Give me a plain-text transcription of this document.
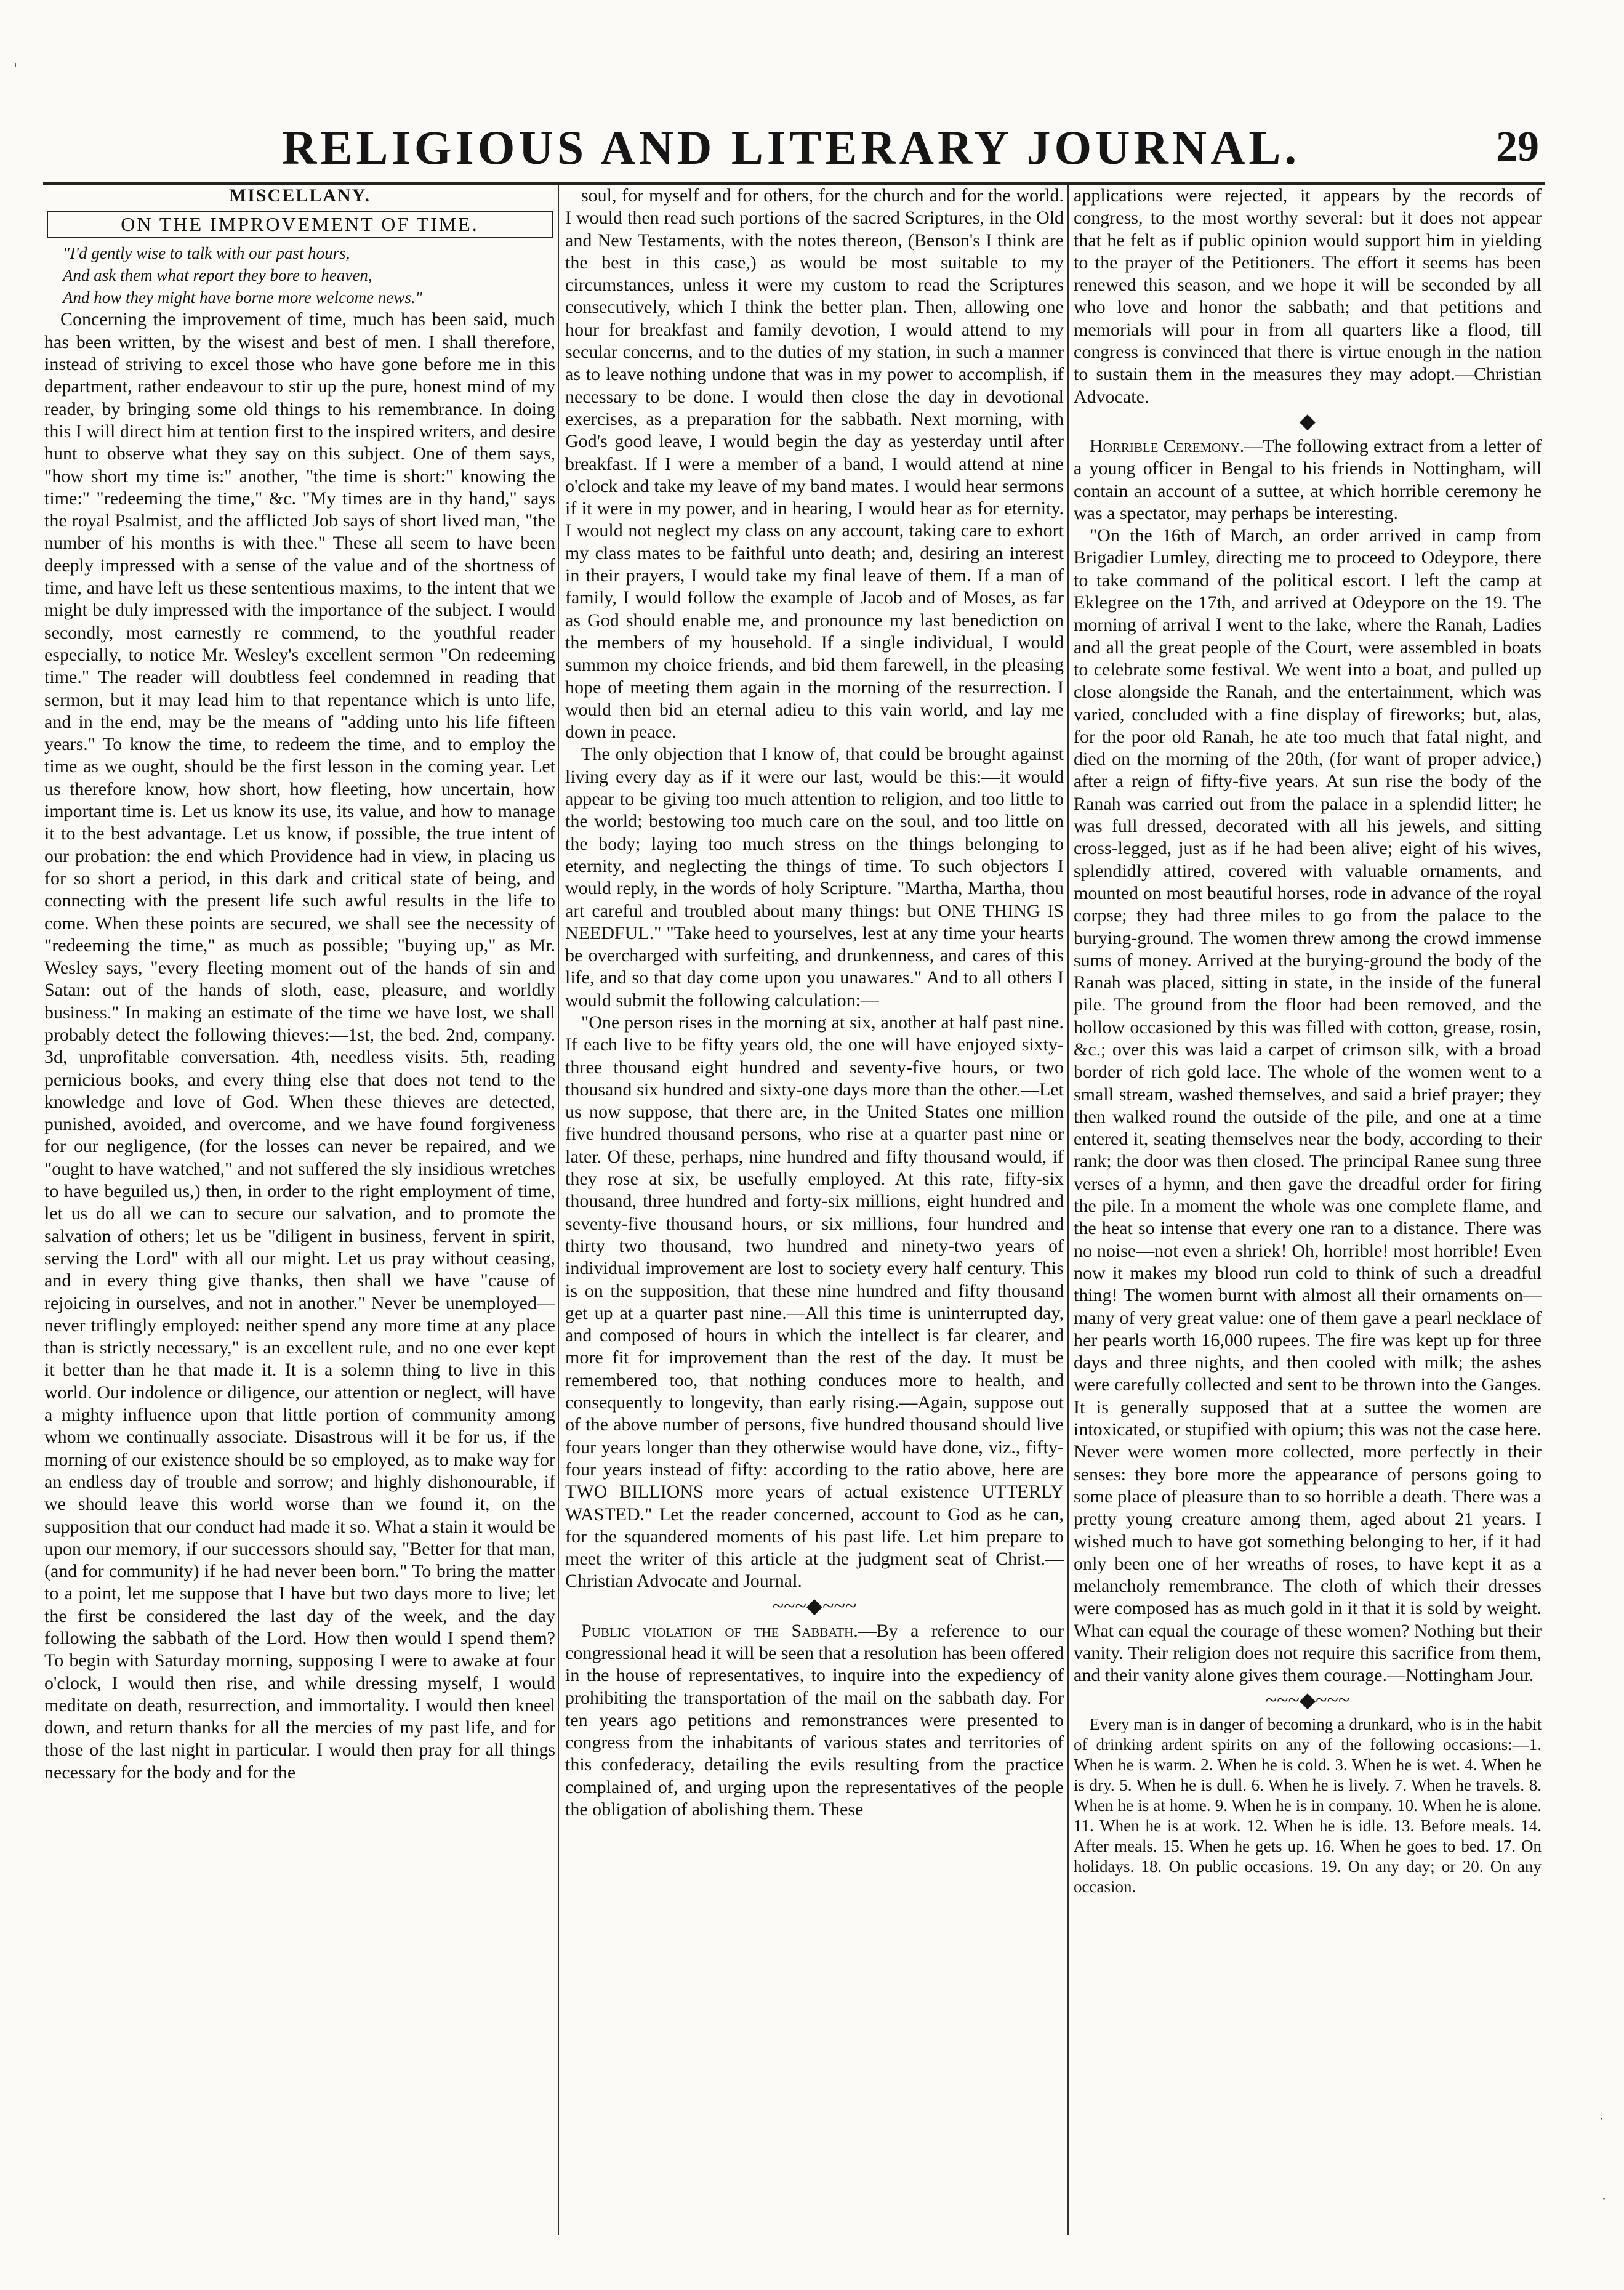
RELIGIOUS AND LITERARY JOURNAL.	29

MISCELLANY.

ON THE IMPROVEMENT OF TIME.

"I'd gently wise to talk with our past hours,

And ask them what report they bore to heaven,

And how they might have borne more welcome news."

Concerning the improvement of time, much has been said, much has been written, by the wisest and best of men. I shall therefore, instead of striving to excel those who have gone before me in this department, rather endeavour to stir up the pure, honest mind of my reader, by bringing some old things to his remembrance. In doing this I will direct him at tention first to the inspired writers, and desire hunt to observe what they say on this subject. One of them says, "how short my time is:" another, "the time is short:" knowing the time:" "redeeming the time," &c. "My times are in thy hand," says the royal Psalmist, and the afflicted Job says of short lived man, "the number of his months is with thee." These all seem to have been deeply impressed with a sense of the value and of the shortness of time, and have left us these sententious maxims, to the intent that we might be duly impressed with the importance of the subject. I would secondly, most earnestly re commend, to the youthful reader especially, to notice Mr. Wesley's excellent sermon "On redeeming time." The reader will doubtless feel condemned in reading that sermon, but it may lead him to that repentance which is unto life, and in the end, may be the means of "adding unto his life fifteen years." To know the time, to redeem the time, and to employ the time as we ought, should be the first lesson in the coming year. Let us therefore know, how short, how fleeting, how uncertain, how important time is. Let us know its use, its value, and how to manage it to the best advantage. Let us know, if possible, the true intent of our probation: the end which Providence had in view, in placing us for so short a period, in this dark and critical state of being, and connecting with the present life such awful results in the life to come. When these points are secured, we shall see the necessity of "redeeming the time," as much as possible; "buying up," as Mr. Wesley says, "every fleeting moment out of the hands of sin and Satan: out of the hands of sloth, ease, pleasure, and worldly business." In making an estimate of the time we have lost, we shall probably detect the following thieves:—1st, the bed. 2nd, company. 3d, unprofitable conversation. 4th, needless visits. 5th, reading pernicious books, and every thing else that does not tend to the knowledge and love of God. When these thieves are detected, punished, avoided, and overcome, and we have found forgiveness for our negligence, (for the losses can never be repaired, and we "ought to have watched," and not suffered the sly insidious wretches to have beguiled us,) then, in order to the right employment of time, let us do all we can to secure our salvation, and to promote the salvation of others; let us be "diligent in business, fervent in spirit, serving the Lord" with all our might. Let us pray without ceasing, and in every thing give thanks, then shall we have "cause of rejoicing in ourselves, and not in another." Never be unemployed—never triflingly employed: neither spend any more time at any place than is strictly necessary," is an excellent rule, and no one ever kept it better than he that made it. It is a solemn thing to live in this world. Our indolence or diligence, our attention or neglect, will have a mighty influence upon that little portion of community among whom we continually associate. Disastrous will it be for us, if the morning of our existence should be so employed, as to make way for an endless day of trouble and sorrow; and highly dishonourable, if we should leave this world worse than we found it, on the supposition that our conduct had made it so. What a stain it would be upon our memory, if our successors should say, "Better for that man, (and for community) if he had never been born." To bring the matter to a point, let me suppose that I have but two days more to live; let the first be considered the last day of the week, and the day following the sabbath of the Lord. How then would I spend them? To begin with Saturday morning, supposing I were to awake at four o'clock, I would then rise, and while dressing myself, I would meditate on death, resurrection, and immortality. I would then kneel down, and return thanks for all the mercies of my past life, and for those of the last night in particular. I would then pray for all things necessary for the body and for the

soul, for myself and for others, for the church and for the world. I would then read such portions of the sacred Scriptures, in the Old and New Testaments, with the notes thereon, (Benson's I think are the best in this case,) as would be most suitable to my circumstances, unless it were my custom to read the Scriptures consecutively, which I think the better plan. Then, allowing one hour for breakfast and family devotion, I would attend to my secular concerns, and to the duties of my station, in such a manner as to leave nothing undone that was in my power to accomplish, if necessary to be done. I would then close the day in devotional exercises, as a preparation for the sabbath. Next morning, with God's good leave, I would begin the day as yesterday until after breakfast. If I were a member of a band, I would attend at nine o'clock and take my leave of my band mates. I would hear sermons if it were in my power, and in hearing, I would hear as for eternity. I would not neglect my class on any account, taking care to exhort my class mates to be faithful unto death; and, desiring an interest in their prayers, I would take my final leave of them. If a man of family, I would follow the example of Jacob and of Moses, as far as God should enable me, and pronounce my last benediction on the members of my household. If a single individual, I would summon my choice friends, and bid them farewell, in the pleasing hope of meeting them again in the morning of the resurrection. I would then bid an eternal adieu to this vain world, and lay me down in peace.

The only objection that I know of, that could be brought against living every day as if it were our last, would be this:—it would appear to be giving too much attention to religion, and too little to the world; bestowing too much care on the soul, and too little on the body; laying too much stress on the things belonging to eternity, and neglecting the things of time. To such objectors I would reply, in the words of holy Scripture. "Martha, Martha, thou art careful and troubled about many things: but ONE THING IS NEEDFUL." "Take heed to yourselves, lest at any time your hearts be overcharged with surfeiting, and drunkenness, and cares of this life, and so that day come upon you unawares." And to all others I would submit the following calculation:—

"One person rises in the morning at six, another at half past nine. If each live to be fifty years old, the one will have enjoyed sixty-three thousand eight hundred and seventy-five hours, or two thousand six hundred and sixty-one days more than the other.—Let us now suppose, that there are, in the United States one million five hundred thousand persons, who rise at a quarter past nine or later. Of these, perhaps, nine hundred and fifty thousand would, if they rose at six, be usefully employed. At this rate, fifty-six thousand, three hundred and forty-six millions, eight hundred and seventy-five thousand hours, or six millions, four hundred and thirty two thousand, two hundred and ninety-two years of individual improvement are lost to society every half century. This is on the supposition, that these nine hundred and fifty thousand get up at a quarter past nine.—All this time is uninterrupted day, and composed of hours in which the intellect is far clearer, and more fit for improvement than the rest of the day. It must be remembered too, that nothing conduces more to health, and consequently to longevity, than early rising.—Again, suppose out of the above number of persons, five hundred thousand should live four years longer than they otherwise would have done, viz., fifty-four years instead of fifty: according to the ratio above, here are TWO BILLIONS more years of actual existence UTTERLY WASTED." Let the reader concerned, account to God as he can, for the squandered moments of his past life. Let him prepare to meet the writer of this article at the judgment seat of Christ.—Christian Advocate and Journal.

~~~◆~~~

Public violation of the Sabbath.—By a reference to our congressional head it will be seen that a resolution has been offered in the house of representatives, to inquire into the expediency of prohibiting the transportation of the mail on the sabbath day. For ten years ago petitions and remonstrances were presented to congress from the inhabitants of various states and territories of this confederacy, detailing the evils resulting from the practice complained of, and urging upon the representatives of the people the obligation of abolishing them. These

applications were rejected, it appears by the records of congress, to the most worthy several: but it does not appear that he felt as if public opinion would support him in yielding to the prayer of the Petitioners. The effort it seems has been renewed this season, and we hope it will be seconded by all who love and honor the sabbath; and that petitions and memorials will pour in from all quarters like a flood, till congress is convinced that there is virtue enough in the nation to sustain them in the measures they may adopt.—Christian Advocate.

◆

Horrible Ceremony.—The following extract from a letter of a young officer in Bengal to his friends in Nottingham, will contain an account of a suttee, at which horrible ceremony he was a spectator, may perhaps be interesting.

"On the 16th of March, an order arrived in camp from Brigadier Lumley, directing me to proceed to Odeypore, there to take command of the political escort. I left the camp at Eklegree on the 17th, and arrived at Odeypore on the 19. The morning of arrival I went to the lake, where the Ranah, Ladies and all the great people of the Court, were assembled in boats to celebrate some festival. We went into a boat, and pulled up close alongside the Ranah, and the entertainment, which was varied, concluded with a fine display of fireworks; but, alas, for the poor old Ranah, he ate too much that fatal night, and died on the morning of the 20th, (for want of proper advice,) after a reign of fifty-five years. At sun rise the body of the Ranah was carried out from the palace in a splendid litter; he was full dressed, decorated with all his jewels, and sitting cross-legged, just as if he had been alive; eight of his wives, splendidly attired, covered with valuable ornaments, and mounted on most beautiful horses, rode in advance of the royal corpse; they had three miles to go from the palace to the burying-ground. The women threw among the crowd immense sums of money. Arrived at the burying-ground the body of the Ranah was placed, sitting in state, in the inside of the funeral pile. The ground from the floor had been removed, and the hollow occasioned by this was filled with cotton, grease, rosin, &c.; over this was laid a carpet of crimson silk, with a broad border of rich gold lace. The whole of the women went to a small stream, washed themselves, and said a brief prayer; they then walked round the outside of the pile, and one at a time entered it, seating themselves near the body, according to their rank; the door was then closed. The principal Ranee sung three verses of a hymn, and then gave the dreadful order for firing the pile. In a moment the whole was one complete flame, and the heat so intense that every one ran to a distance. There was no noise—not even a shriek! Oh, horrible! most horrible! Even now it makes my blood run cold to think of such a dreadful thing! The women burnt with almost all their ornaments on—many of very great value: one of them gave a pearl necklace of her pearls worth 16,000 rupees. The fire was kept up for three days and three nights, and then cooled with milk; the ashes were carefully collected and sent to be thrown into the Ganges. It is generally supposed that at a suttee the women are intoxicated, or stupified with opium; this was not the case here. Never were women more collected, more perfectly in their senses: they bore more the appearance of persons going to some place of pleasure than to so horrible a death. There was a pretty young creature among them, aged about 21 years. I wished much to have got something belonging to her, if it had only been one of her wreaths of roses, to have kept it as a melancholy remembrance. The cloth of which their dresses were composed has as much gold in it that it is sold by weight. What can equal the courage of these women? Nothing but their vanity. Their religion does not require this sacrifice from them, and their vanity alone gives them courage.—Nottingham Jour.

~~~◆~~~

Every man is in danger of becoming a drunkard, who is in the habit of drinking ardent spirits on any of the following occasions:—1. When he is warm. 2. When he is cold. 3. When he is wet. 4. When he is dry. 5. When he is dull. 6. When he is lively. 7. When he travels. 8. When he is at home. 9. When he is in company. 10. When he is alone. 11. When he is at work. 12. When he is idle. 13. Before meals. 14. After meals. 15. When he gets up. 16. When he goes to bed. 17. On holidays. 18. On public occasions. 19. On any day; or 20. On any occasion.

ˌ
·
·
